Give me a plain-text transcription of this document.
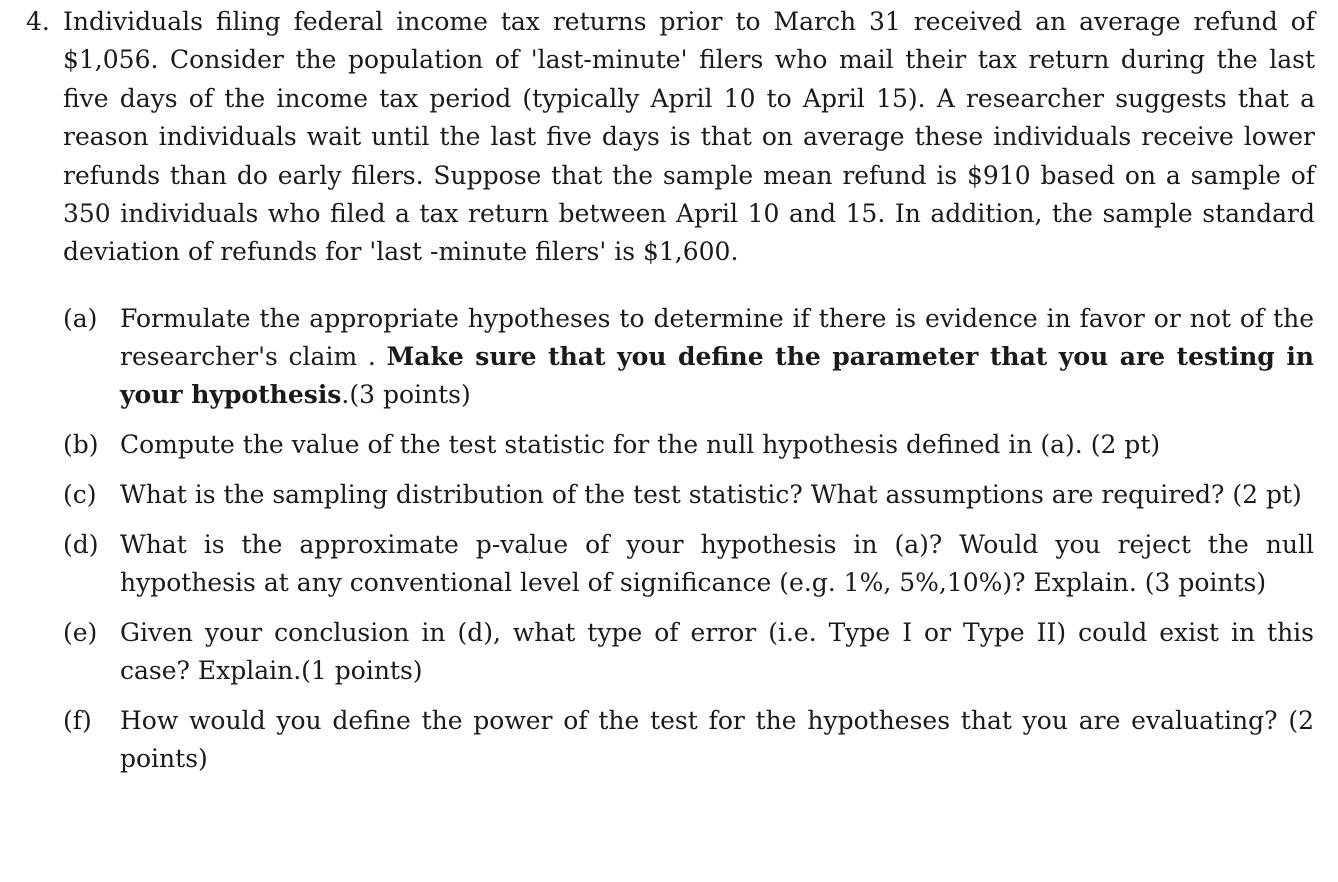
4. Individuals filing federal income tax returns prior to March 31 received an average refund of $1,056. Consider the population of 'last-minute' filers who mail their tax return during the last five days of the income tax period (typically April 10 to April 15). A researcher suggests that a reason individuals wait until the last five days is that on average these individuals receive lower refunds than do early filers. Suppose that the sample mean refund is $910 based on a sample of 350 individuals who filed a tax return between April 10 and 15. In addition, the sample standard deviation of refunds for 'last -minute filers' is $1,600.
(a) Formulate the appropriate hypotheses to determine if there is evidence in favor or not of the researcher's claim . Make sure that you define the parameter that you are testing in your hypothesis.(3 points)
(b) Compute the value of the test statistic for the null hypothesis defined in (a). (2 pt)
(c) What is the sampling distribution of the test statistic? What assumptions are required? (2 pt)
(d) What is the approximate p-value of your hypothesis in (a)? Would you reject the null hypothesis at any conventional level of significance (e.g. 1%, 5%,10%)? Explain. (3 points)
(e) Given your conclusion in (d), what type of error (i.e. Type I or Type II) could exist in this case? Explain.(1 points)
(f) How would you define the power of the test for the hypotheses that you are evaluating? (2 points)
